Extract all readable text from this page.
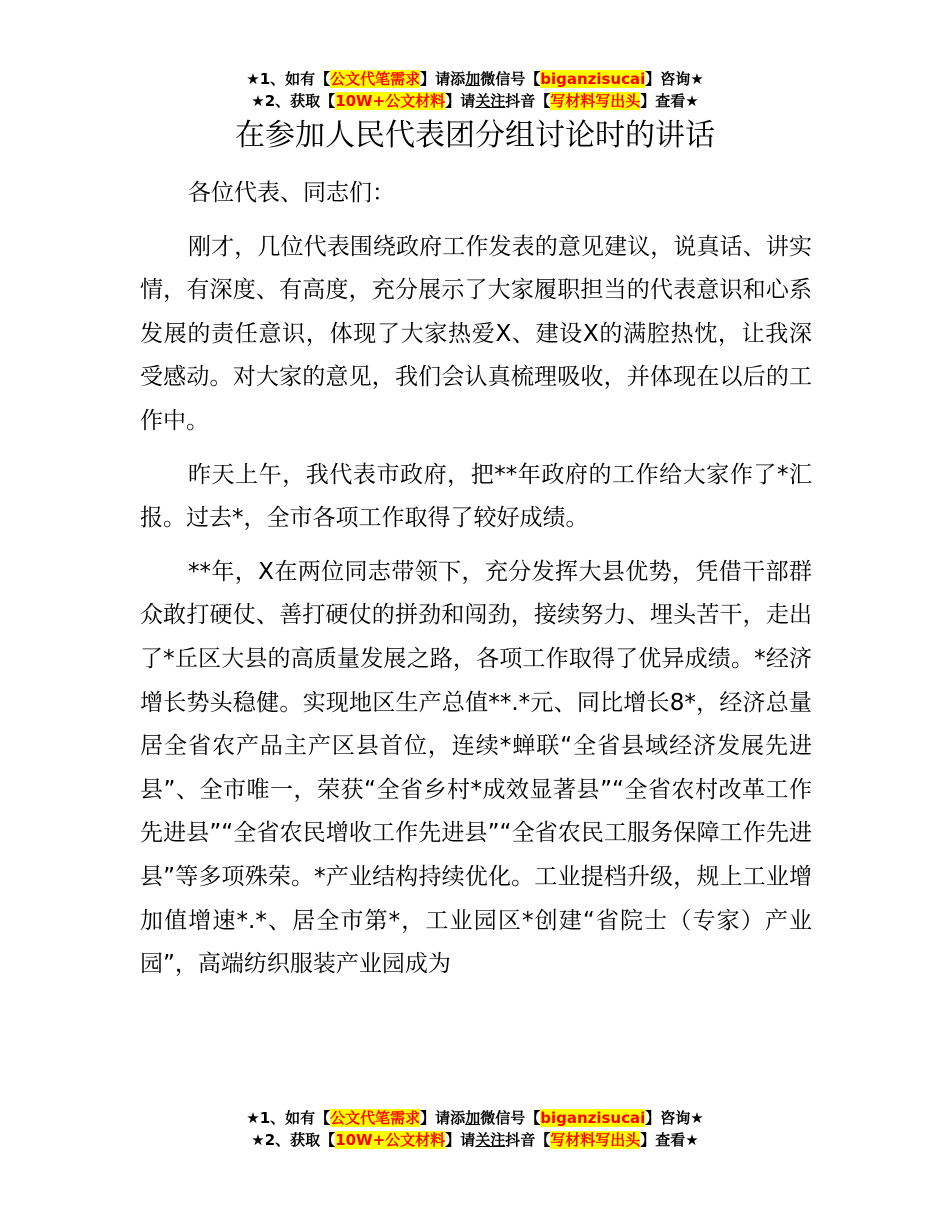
★1、如有【公文代笔需求】请添加微信号【biganzisucai】咨询★
★2、获取【10W+公文材料】请关注抖音【写材料写出头】查看★
在参加人民代表团分组讨论时的讲话

各位代表、同志们：

刚才，几位代表围绕政府工作发表的意见建议，说真话、讲实情，有深度、有高度，充分展示了大家履职担当的代表意识和心系发展的责任意识，体现了大家热爱X、建设X的满腔热忱，让我深受感动。对大家的意见，我们会认真梳理吸收，并体现在以后的工作中。

昨天上午，我代表市政府，把**年政府的工作给大家作了*汇报。过去*，全市各项工作取得了较好成绩。

**年，X在两位同志带领下，充分发挥大县优势，凭借干部群众敢打硬仗、善打硬仗的拼劲和闯劲，接续努力、埋头苦干，走出了*丘区大县的高质量发展之路，各项工作取得了优异成绩。*经济增长势头稳健。实现地区生产总值**.*元、同比增长8*，经济总量居全省农产品主产区县首位，连续*蝉联“全省县域经济发展先进县”、全市唯一，荣获“全省乡村*成效显著县”“全省农村改革工作先进县”“全省农民增收工作先进县”“全省农民工服务保障工作先进县”等多项殊荣。*产业结构持续优化。工业提档升级，规上工业增加值增速*.*、居全市第*，工业园区*创建“省院士（专家）产业园”，高端纺织服装产业园成为

★1、如有【公文代笔需求】请添加微信号【biganzisucai】咨询★
★2、获取【10W+公文材料】请关注抖音【写材料写出头】查看★
